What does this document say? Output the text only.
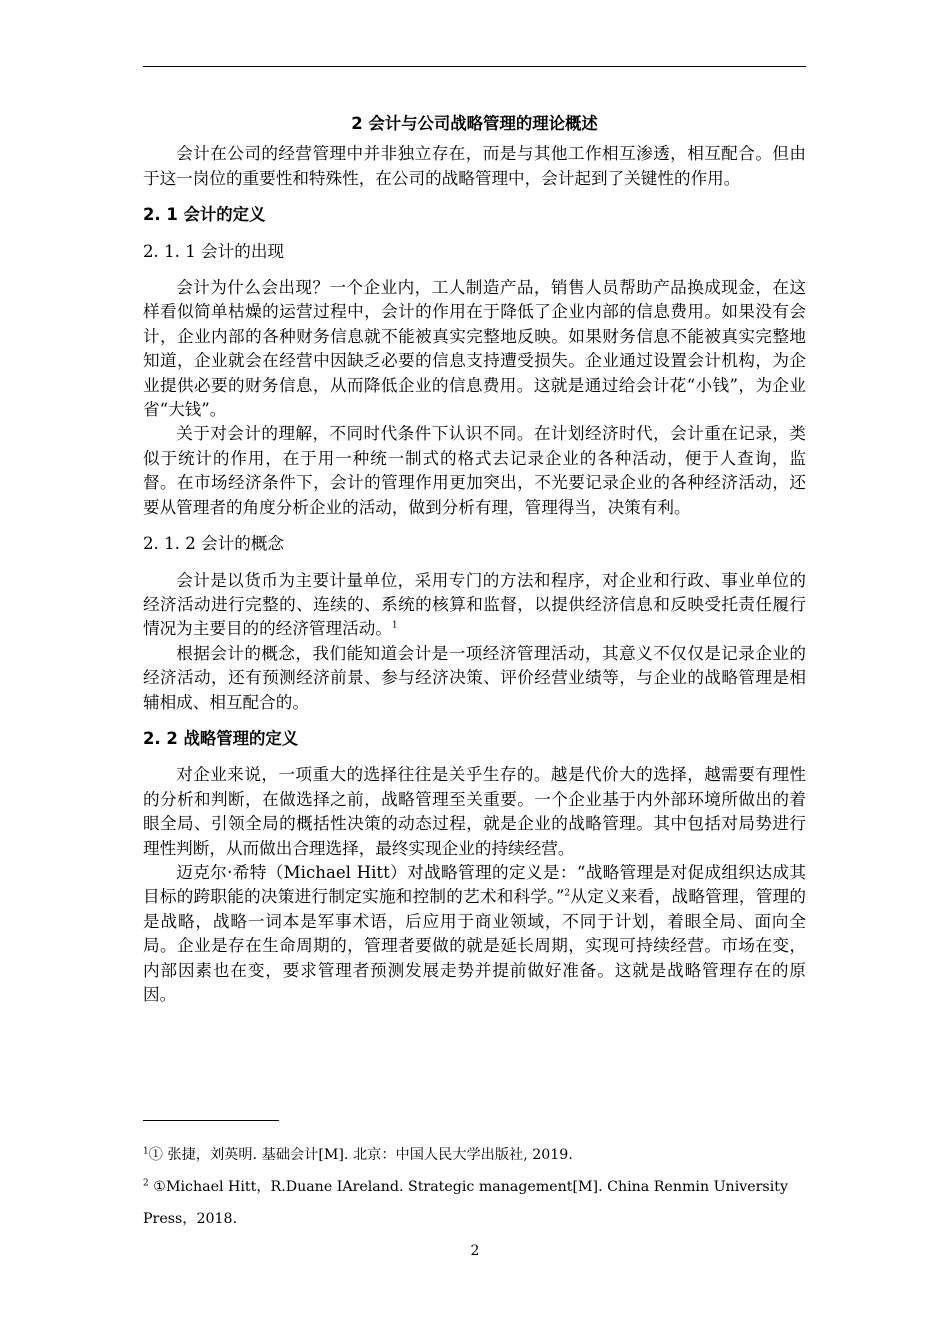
2 会计与公司战略管理的理论概述

会计在公司的经营管理中并非独立存在，而是与其他工作相互渗透，相互配合。但由于这一岗位的重要性和特殊性，在公司的战略管理中，会计起到了关键性的作用。

2. 1 会计的定义
2. 1. 1 会计的出现

会计为什么会出现？一个企业内，工人制造产品，销售人员帮助产品换成现金，在这样看似简单枯燥的运营过程中，会计的作用在于降低了企业内部的信息费用。如果没有会计，企业内部的各种财务信息就不能被真实完整地反映。如果财务信息不能被真实完整地知道，企业就会在经营中因缺乏必要的信息支持遭受损失。企业通过设置会计机构，为企业提供必要的财务信息，从而降低企业的信息费用。这就是通过给会计花“小钱”，为企业省“大钱”。

关于对会计的理解，不同时代条件下认识不同。在计划经济时代，会计重在记录，类似于统计的作用，在于用一种统一制式的格式去记录企业的各种活动，便于人查询，监督。在市场经济条件下，会计的管理作用更加突出，不光要记录企业的各种经济活动，还要从管理者的角度分析企业的活动，做到分析有理，管理得当，决策有利。

2. 1. 2 会计的概念

会计是以货币为主要计量单位，采用专门的方法和程序，对企业和行政、事业单位的经济活动进行完整的、连续的、系统的核算和监督，以提供经济信息和反映受托责任履行情况为主要目的的经济管理活动。$^1$

根据会计的概念，我们能知道会计是一项经济管理活动，其意义不仅仅是记录企业的经济活动，还有预测经济前景、参与经济决策、评价经营业绩等，与企业的战略管理是相辅相成、相互配合的。

2. 2 战略管理的定义

对企业来说，一项重大的选择往往是关乎生存的。越是代价大的选择，越需要有理性的分析和判断，在做选择之前，战略管理至关重要。一个企业基于内外部环境所做出的着眼全局、引领全局的概括性决策的动态过程，就是企业的战略管理。其中包括对局势进行理性判断，从而做出合理选择，最终实现企业的持续经营。

迈克尔·希特（Michael Hitt）对战略管理的定义是：“战略管理是对促成组织达成其目标的跨职能的决策进行制定实施和控制的艺术和科学。”$^2$从定义来看，战略管理，管理的是战略，战略一词本是军事术语，后应用于商业领域，不同于计划，着眼全局、面向全局。企业是存在生命周期的，管理者要做的就是延长周期，实现可持续经营。市场在变，内部因素也在变，要求管理者预测发展走势并提前做好准备。这就是战略管理存在的原因。

$^1$① 张捷，刘英明. 基础会计[M]. 北京：中国人民大学出版社, 2019.
$^2$ ①Michael Hitt，R.Duane IAreland. Strategic management[M]. China Renmin University
Press，2018.
2
